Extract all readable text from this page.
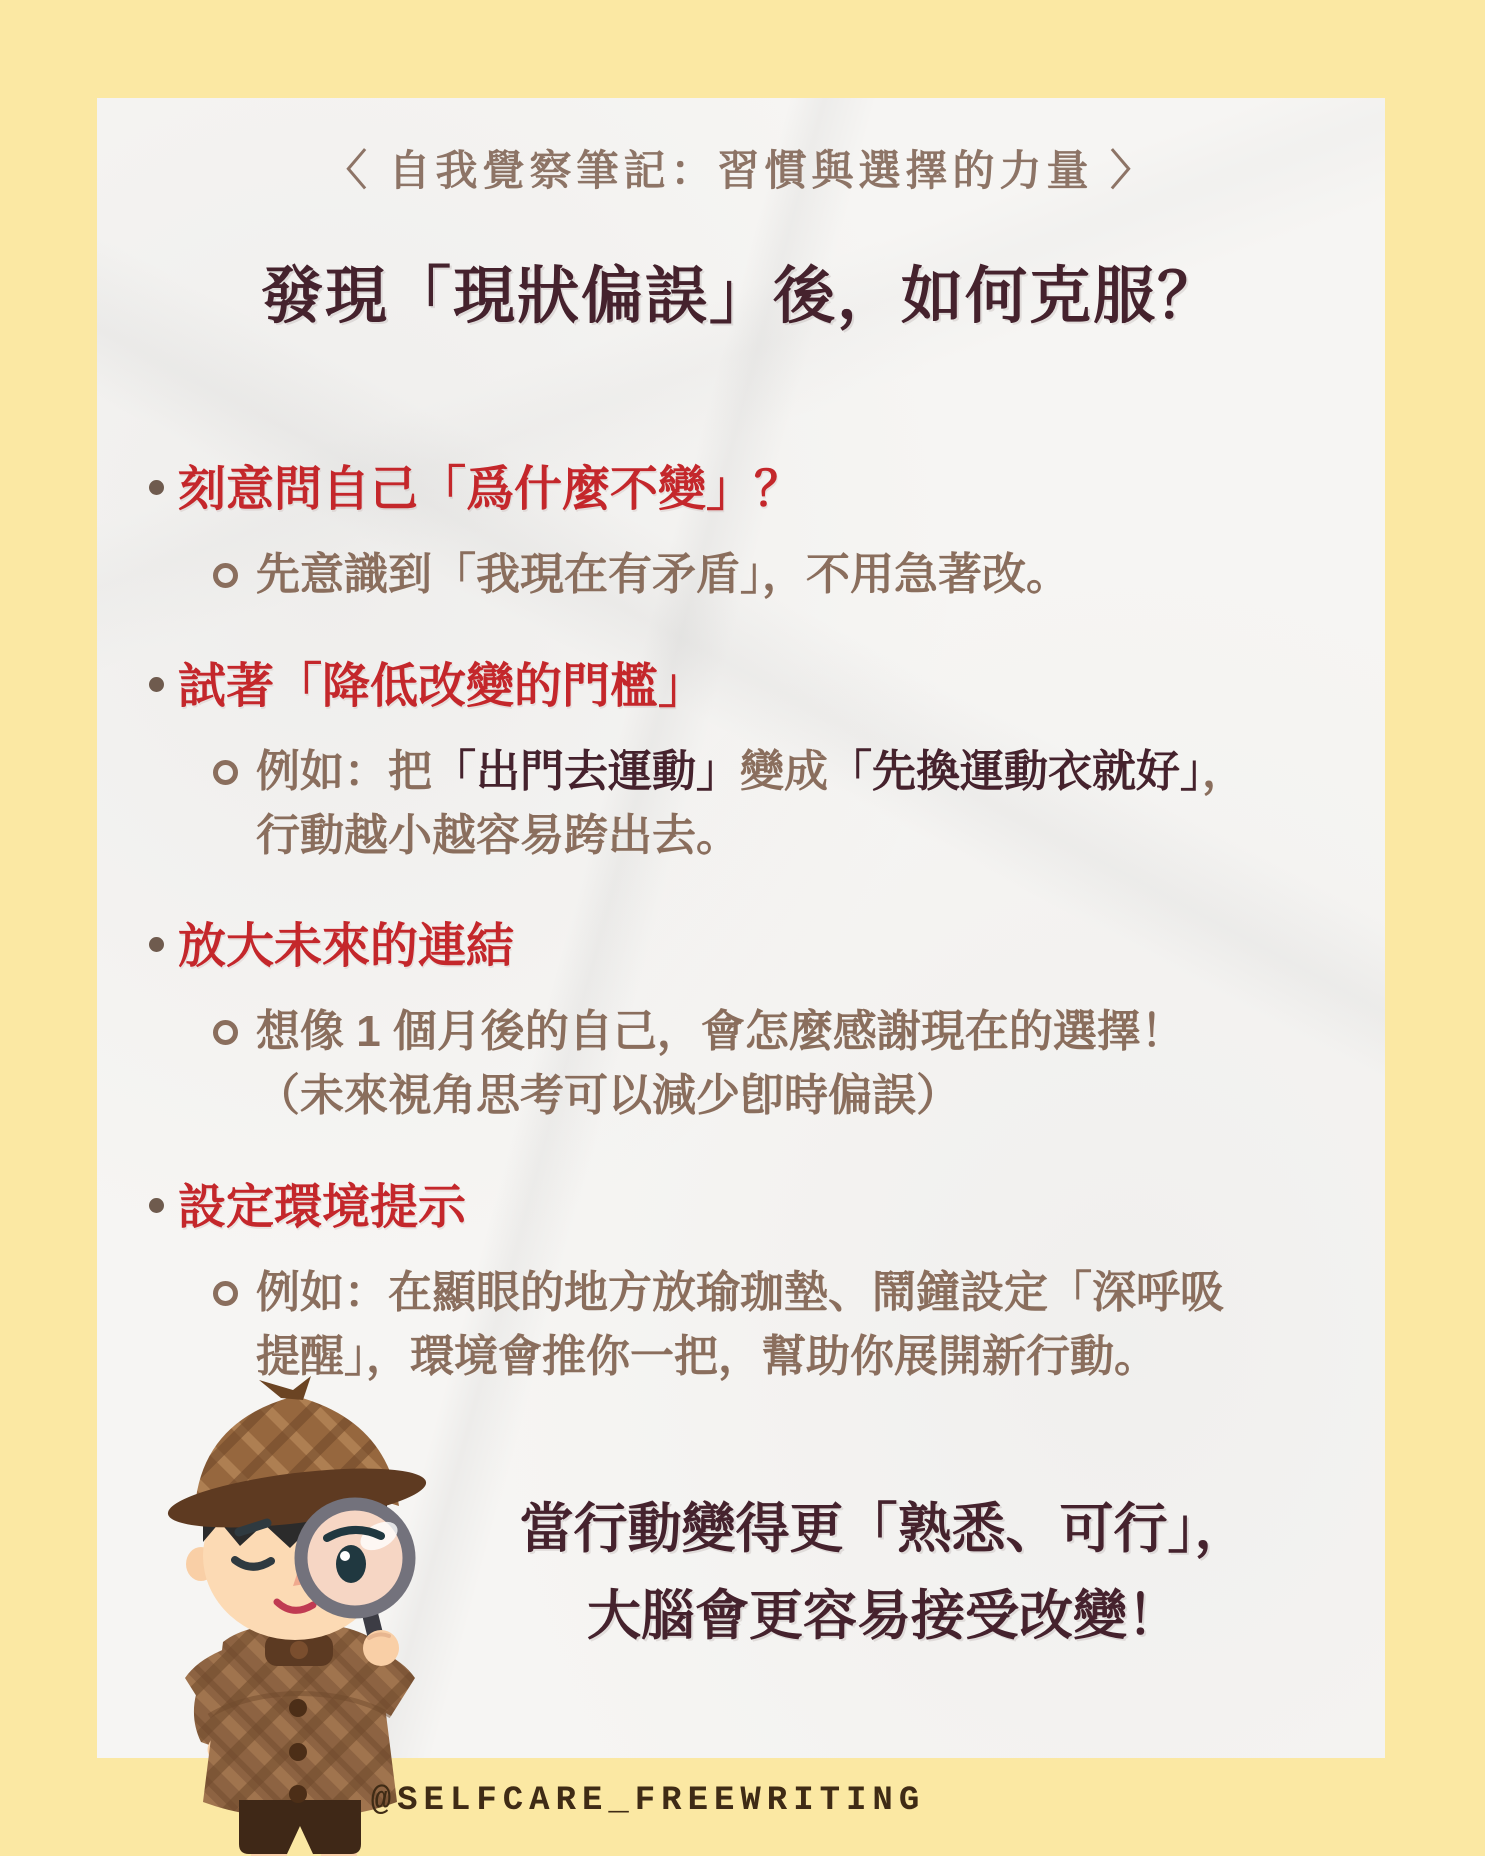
〈 自我覺察筆記：習慣與選擇的力量 〉
發現「現狀偏誤」後，如何克服？
刻意問自己「爲什麼不變」？
先意識到「我現在有矛盾」，不用急著改。
試著「降低改變的門檻」
例如：把「出門去運動」變成「先換運動衣就好」，
行動越小越容易跨出去。
放大未來的連結
想像 1 個月後的自己，會怎麼感謝現在的選擇！
（未來視角思考可以減少卽時偏誤）
設定環境提示
例如：在顯眼的地方放瑜珈墊、鬧鐘設定「深呼吸
提醒」，環境會推你一把，幫助你展開新行動。
當行動變得更「熟悉、可行」，
大腦會更容易接受改變！
@SELFCARE_FREEWRITING
